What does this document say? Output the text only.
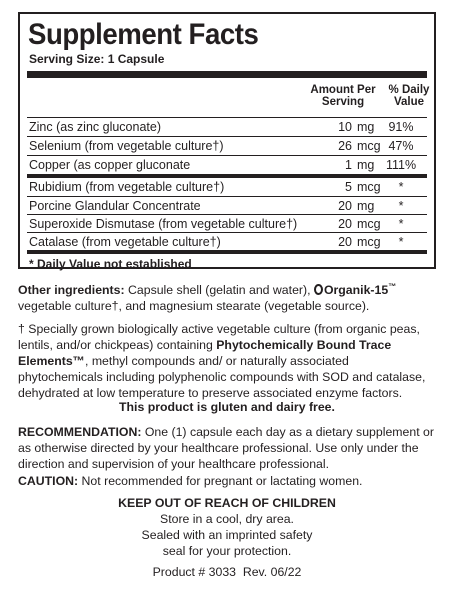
Supplement Facts
Serving Size: 1 Capsule
Amount Per
Serving
% Daily
Value
Zinc (as zinc gluconate)	10 mg	91%
Selenium (from vegetable culture†)	26 mcg 47%
Copper (as copper gluconate	1 mg 111%
Rubidium (from vegetable culture†)	5 mcg	*
Porcine Glandular Concentrate	20 mg	*
Superoxide Dismutase (from vegetable culture†)	20 mcg	*
Catalase (from vegetable culture†)	20 mcg	*
* Daily Value not established
Other ingredients: Capsule shell (gelatin and water), Organik-15™ vegetable culture†, and magnesium stearate (vegetable source).
† Specially grown biologically active vegetable culture (from organic peas, lentils, and/or chickpeas) containing Phytochemically Bound Trace Elements™, methyl compounds and/ or naturally associated phytochemicals including polyphenolic compounds with SOD and catalase, dehydrated at low temperature to preserve associated enzyme factors.
This product is gluten and dairy free.
RECOMMENDATION: One (1) capsule each day as a dietary supplement or as otherwise directed by your healthcare professional. Use only under the direction and supervision of your healthcare professional.
CAUTION: Not recommended for pregnant or lactating women.
KEEP OUT OF REACH OF CHILDREN
Store in a cool, dry area.
Sealed with an imprinted safety
seal for your protection.
Product # 3033  Rev. 06/22
